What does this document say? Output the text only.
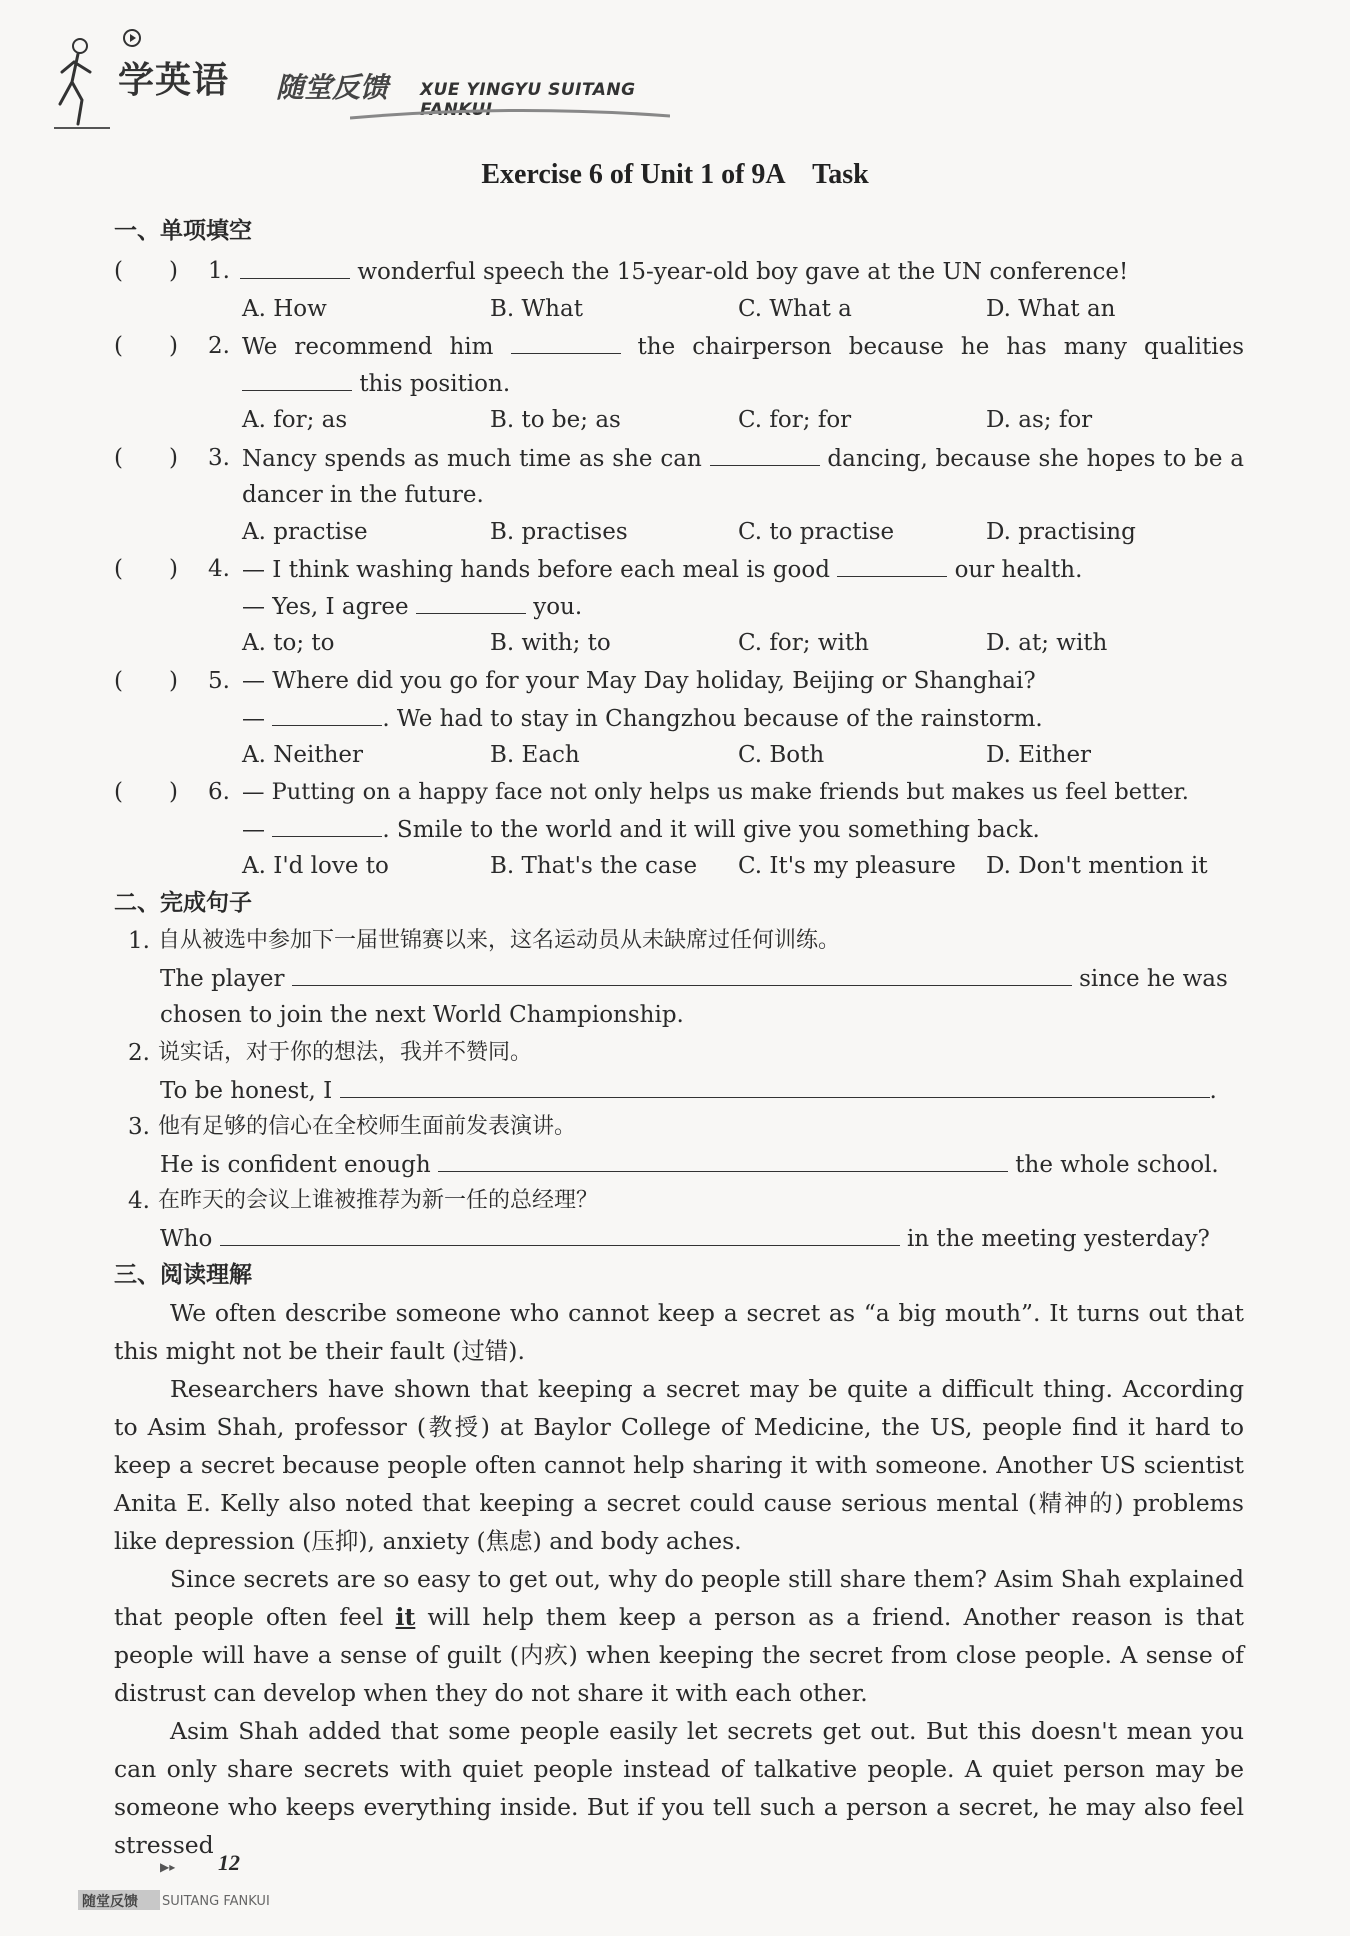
学英语 随堂反馈 XUE YINGYU SUITANG FANKUI
Exercise 6 of Unit 1 of 9A　Task
一、单项填空
(　　) 1.	wonderful speech the 15-year-old boy gave at the UN conference!
A. How	B. What	C. What a	D. What an
(　　) 2. We recommend him	the chairperson because he has many qualities
this position.
A. for; as	B. to be; as	C. for; for	D. as; for
(　　) 3. Nancy spends as much time as she can	dancing, because she hopes to be a
dancer in the future.
A. practise	B. practises	C. to practise	D. practising
(　　) 4. — I think washing hands before each meal is good	our health.
— Yes, I agree	you.
A. to; to	B. with; to	C. for; with	D. at; with
(　　) 5. — Where did you go for your May Day holiday, Beijing or Shanghai?
—	. We had to stay in Changzhou because of the rainstorm.
A. Neither	B. Each	C. Both	D. Either
(　　) 6. — Putting on a happy face not only helps us make friends but makes us feel better.
—	. Smile to the world and it will give you something back.
A. I'd love to	B. That's the case C. It's my pleasure D. Don't mention it
二、完成句子
1. 自从被选中参加下一届世锦赛以来，这名运动员从未缺席过任何训练。
The player	since he was
chosen to join the next World Championship.
2. 说实话，对于你的想法，我并不赞同。
To be honest, I	.
3. 他有足够的信心在全校师生面前发表演讲。
He is confident enough	the whole school.
4. 在昨天的会议上谁被推荐为新一任的总经理？
Who	in the meeting yesterday?
三、阅读理解
We often describe someone who cannot keep a secret as “a big mouth”. It turns out that this might not be their fault (过错).
Researchers have shown that keeping a secret may be quite a difficult thing. According to Asim Shah, professor (教授) at Baylor College of Medicine, the US, people find it hard to keep a secret because people often cannot help sharing it with someone. Another US scientist Anita E. Kelly also noted that keeping a secret could cause serious mental (精神的) problems like depression (压抑), anxiety (焦虑) and body aches.
Since secrets are so easy to get out, why do people still share them? Asim Shah explained that people often feel it will help them keep a person as a friend. Another reason is that people will have a sense of guilt (内疚) when keeping the secret from close people. A sense of distrust can develop when they do not share it with each other.
Asim Shah added that some people easily let secrets get out. But this doesn't mean you can only share secrets with quiet people instead of talkative people. A quiet person may be someone who keeps everything inside. But if you tell such a person a secret, he may also feel stressed
▶▸ 12
随堂反馈 SUITANG FANKUI
